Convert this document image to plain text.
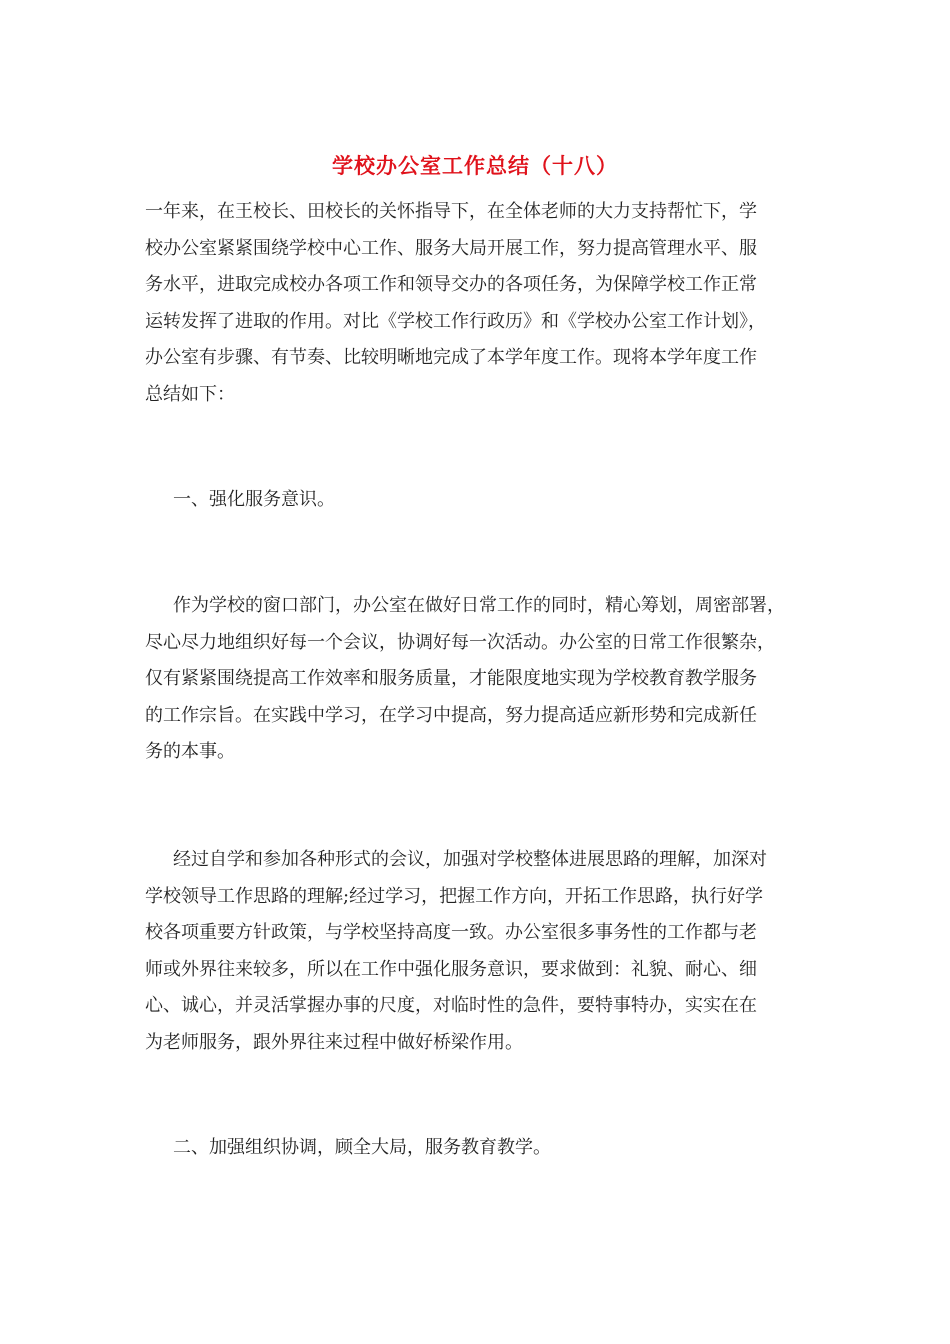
学校办公室工作总结（十八）

一年来，在王校长、田校长的关怀指导下，在全体老师的大力支持帮忙下，学
校办公室紧紧围绕学校中心工作、服务大局开展工作，努力提高管理水平、服
务水平，进取完成校办各项工作和领导交办的各项任务，为保障学校工作正常
运转发挥了进取的作用。对比《学校工作行政历》和《学校办公室工作计划》，
办公室有步骤、有节奏、比较明晰地完成了本学年度工作。现将本学年度工作
总结如下：

一、强化服务意识。

作为学校的窗口部门，办公室在做好日常工作的同时，精心筹划，周密部署，
尽心尽力地组织好每一个会议，协调好每一次活动。办公室的日常工作很繁杂，
仅有紧紧围绕提高工作效率和服务质量，才能限度地实现为学校教育教学服务
的工作宗旨。在实践中学习，在学习中提高，努力提高适应新形势和完成新任
务的本事。

经过自学和参加各种形式的会议，加强对学校整体进展思路的理解，加深对
学校领导工作思路的理解;经过学习，把握工作方向，开拓工作思路，执行好学
校各项重要方针政策，与学校坚持高度一致。办公室很多事务性的工作都与老
师或外界往来较多，所以在工作中强化服务意识，要求做到：礼貌、耐心、细
心、诚心，并灵活掌握办事的尺度，对临时性的急件，要特事特办，实实在在
为老师服务，跟外界往来过程中做好桥梁作用。

二、加强组织协调，顾全大局，服务教育教学。
